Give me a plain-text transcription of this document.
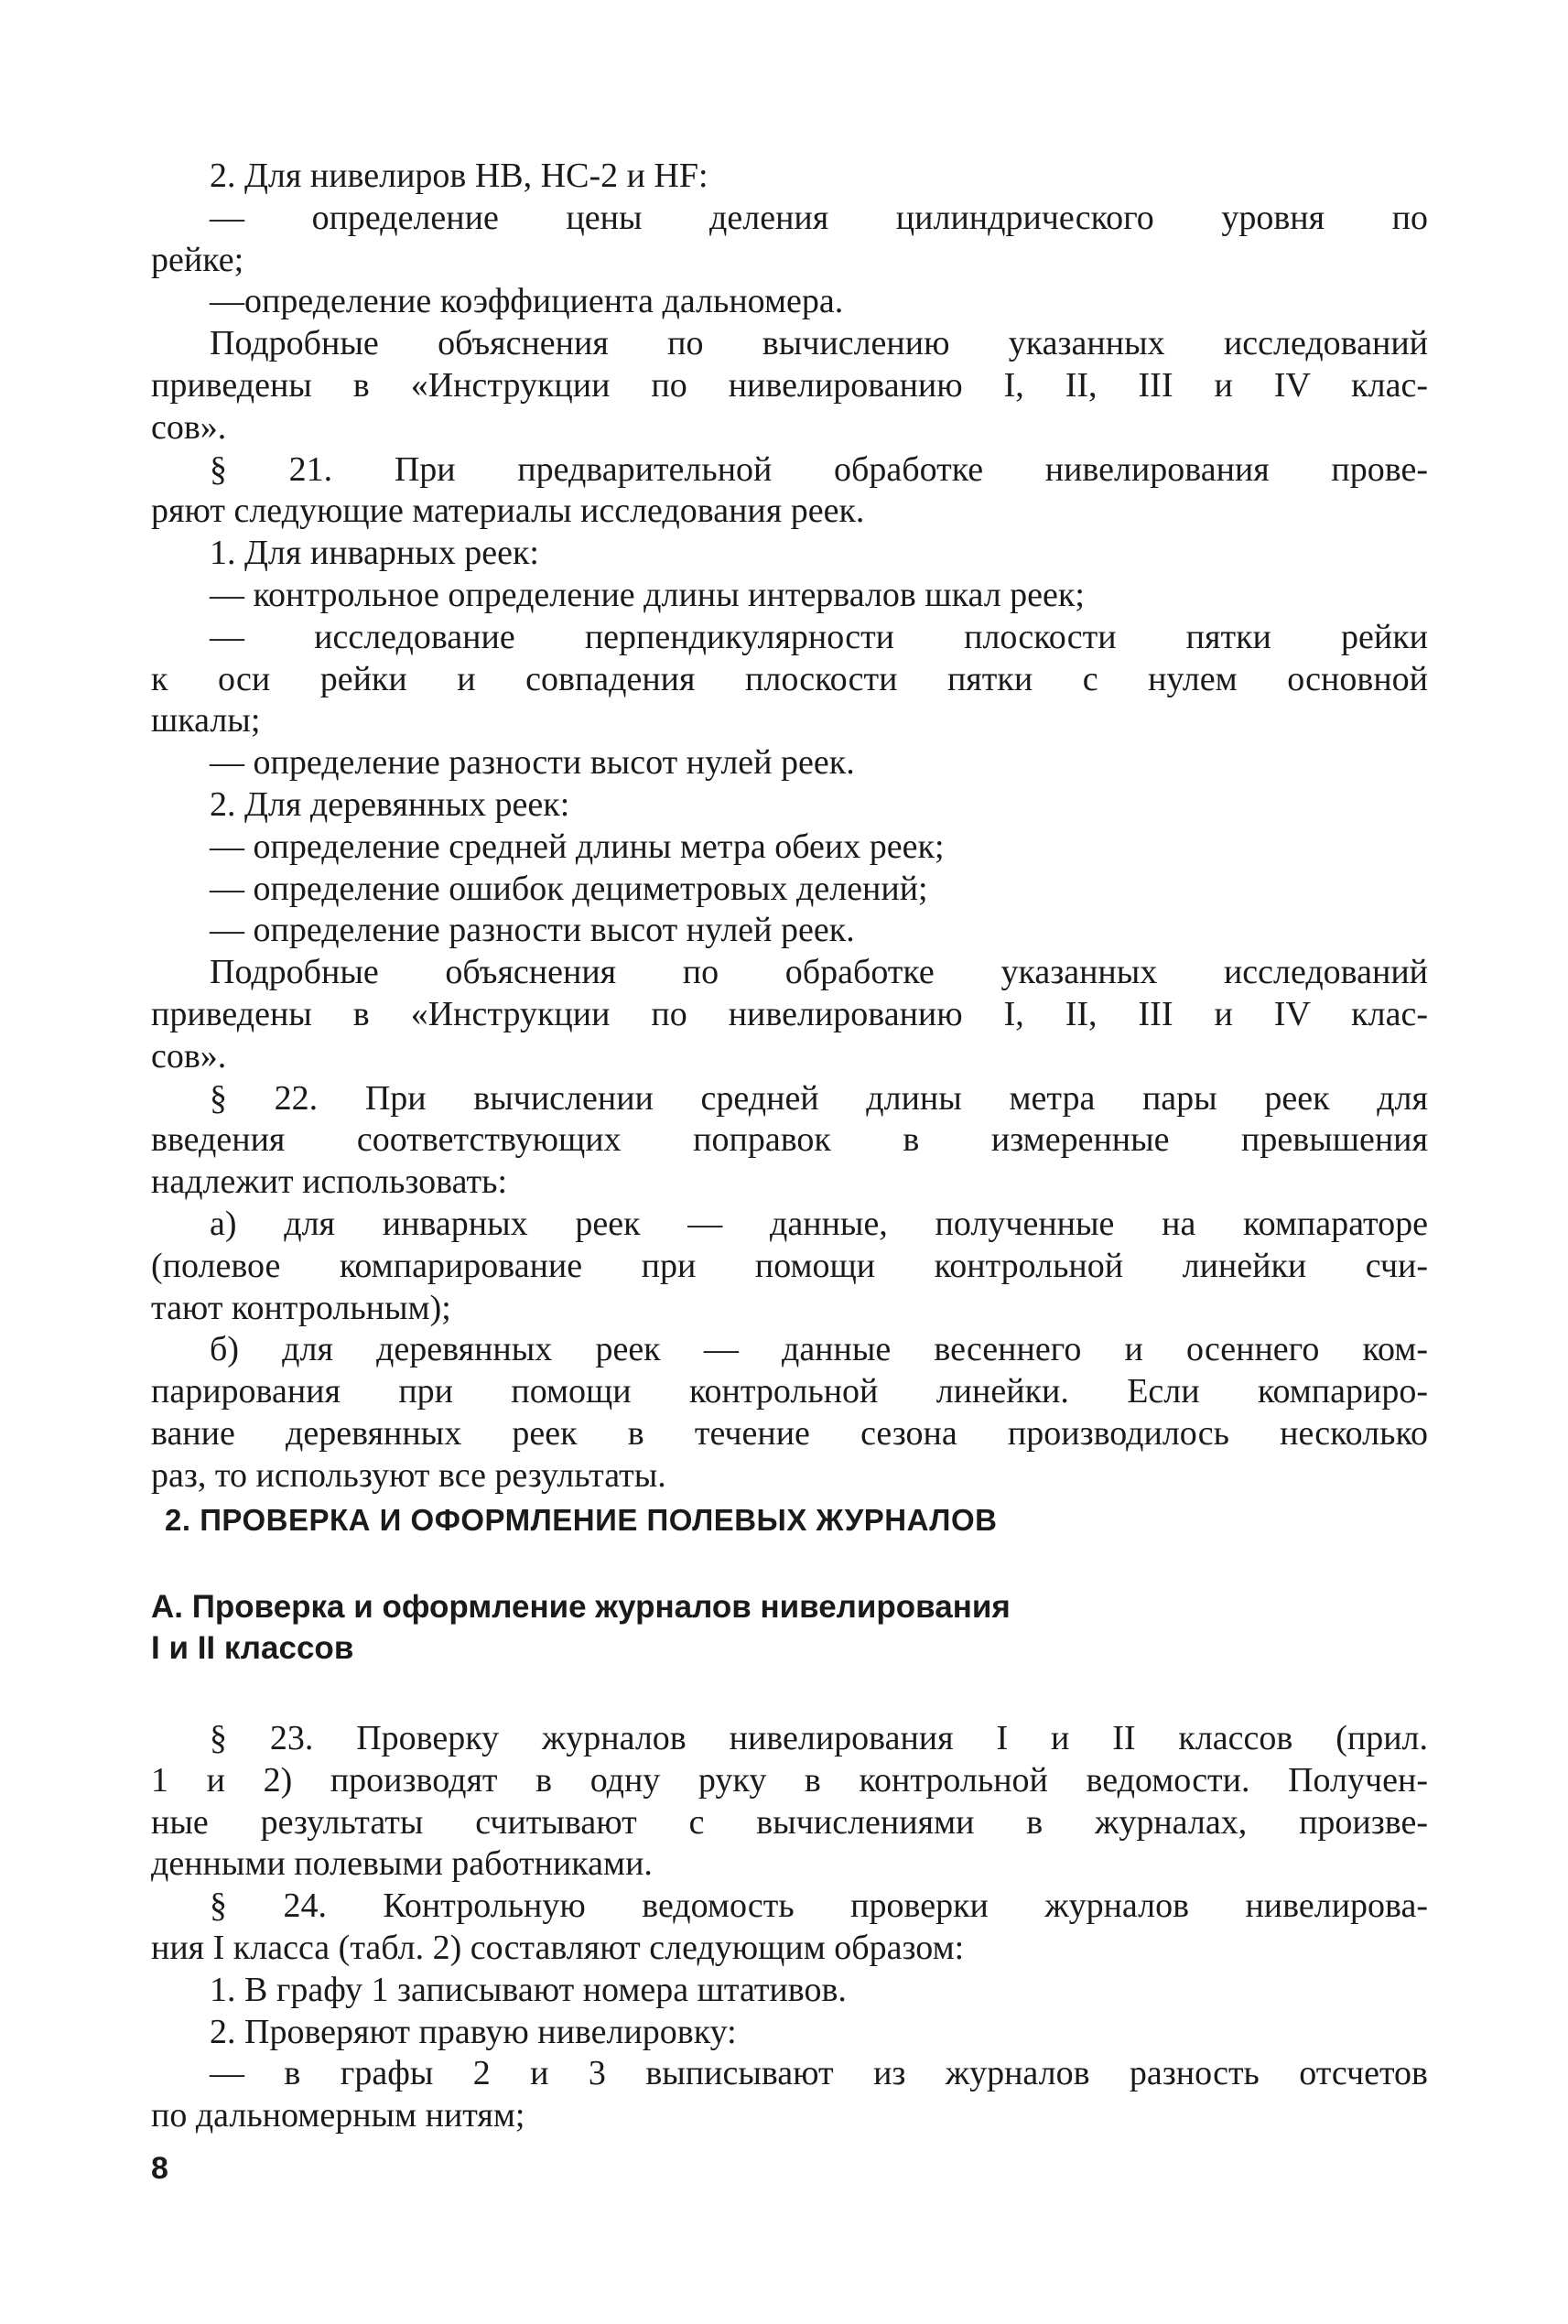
2. Для нивелиров НВ, НС-2 и HF:
— определение цены деления цилиндрического уровня по
рейке;
—определение коэффициента дальномера.
Подробные объяснения по вычислению указанных исследований
приведены в «Инструкции по нивелированию I, II, III и IV клас-
сов».
§ 21. При предварительной обработке нивелирования прове-
ряют следующие материалы исследования реек.
1. Для инварных реек:
— контрольное определение длины интервалов шкал реек;
— исследование перпендикулярности плоскости пятки рейки
к оси рейки и совпадения плоскости пятки с нулем основной
шкалы;
— определение разности высот нулей реек.
2. Для деревянных реек:
— определение средней длины метра обеих реек;
— определение ошибок дециметровых делений;
— определение разности высот нулей реек.
Подробные объяснения по обработке указанных исследований
приведены в «Инструкции по нивелированию I, II, III и IV клас-
сов».
§ 22. При вычислении средней длины метра пары реек для
введения соответствующих поправок в измеренные превышения
надлежит использовать:
а) для инварных реек — данные, полученные на компараторе
(полевое компарирование при помощи контрольной линейки счи-
тают контрольным);
б) для деревянных реек — данные весеннего и осеннего ком-
парирования при помощи контрольной линейки. Если компариро-
вание деревянных реек в течение сезона производилось несколько
раз, то используют все результаты.
2. ПРОВЕРКА И ОФОРМЛЕНИЕ ПОЛЕВЫХ ЖУРНАЛОВ
А. Проверка и оформление журналов нивелирования
I и II классов
§ 23. Проверку журналов нивелирования I и II классов (прил.
1 и 2) производят в одну руку в контрольной ведомости. Получен-
ные результаты считывают с вычислениями в журналах, произве-
денными полевыми работниками.
§ 24. Контрольную ведомость проверки журналов нивелирова-
ния I класса (табл. 2) составляют следующим образом:
1. В графу 1 записывают номера штативов.
2. Проверяют правую нивелировку:
— в графы 2 и 3 выписывают из журналов разность отсчетов
по дальномерным нитям;
8
